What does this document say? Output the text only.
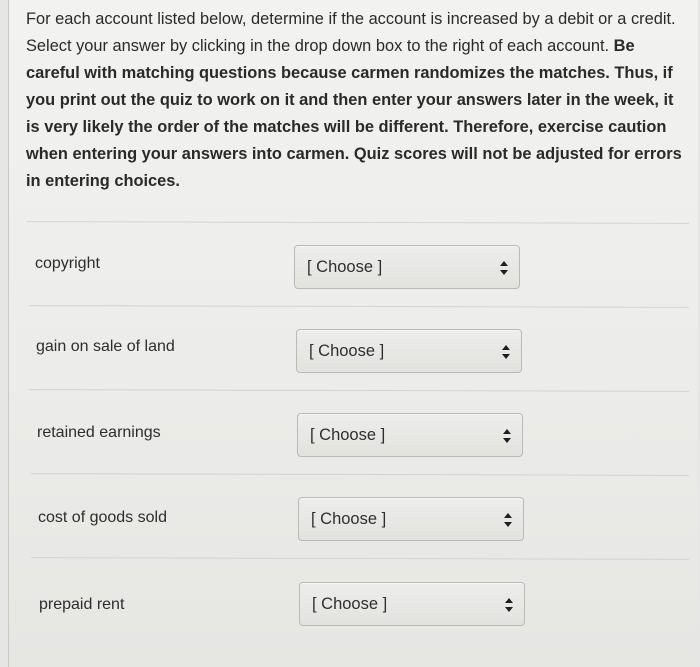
For each account listed below, determine if the account is increased by a debit or a credit. Select your answer by clicking in the drop down box to the right of each account. Be careful with matching questions because carmen randomizes the matches. Thus, if you print out the quiz to work on it and then enter your answers later in the week, it is very likely the order of the matches will be different. Therefore, exercise caution when entering your answers into carmen. Quiz scores will not be adjusted for errors in entering choices.

copyright	[ Choose ]
gain on sale of land	[ Choose ]
retained earnings	[ Choose ]
cost of goods sold	[ Choose ]
prepaid rent	[ Choose ]
